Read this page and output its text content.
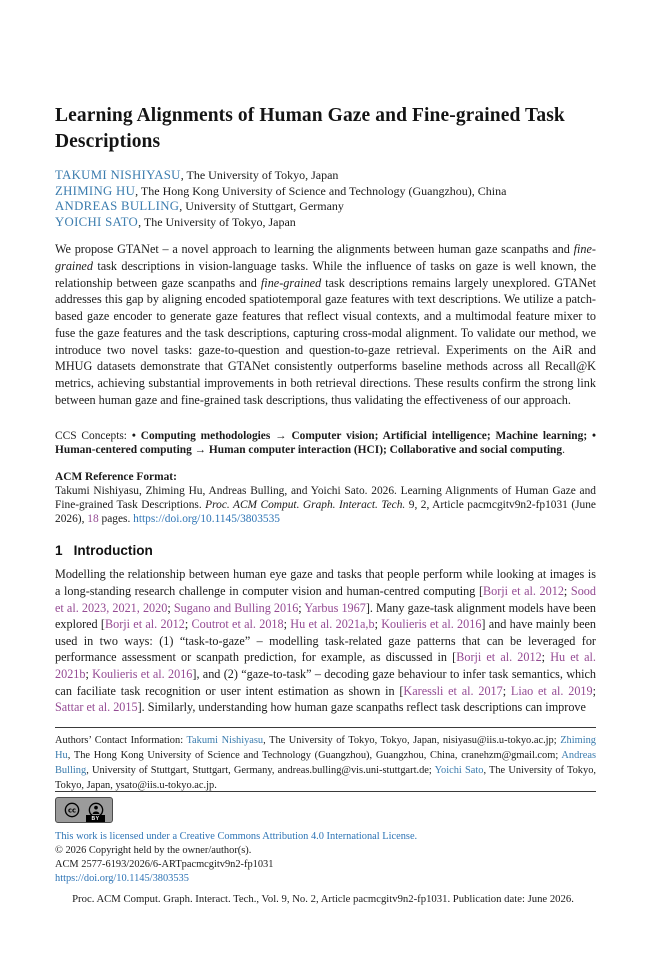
Learning Alignments of Human Gaze and Fine-grained Task Descriptions
TAKUMI NISHIYASU, The University of Tokyo, Japan
ZHIMING HU, The Hong Kong University of Science and Technology (Guangzhou), China
ANDREAS BULLING, University of Stuttgart, Germany
YOICHI SATO, The University of Tokyo, Japan

We propose GTANet – a novel approach to learning the alignments between human gaze scanpaths and fine-grained task descriptions in vision-language tasks. While the influence of tasks on gaze is well known, the relationship between gaze scanpaths and fine-grained task descriptions remains largely unexplored. GTANet addresses this gap by aligning encoded spatiotemporal gaze features with text descriptions. We utilize a patch-based gaze encoder to generate gaze features that reflect visual contexts, and a multimodal feature mixer to fuse the gaze features and the task descriptions, capturing cross-modal alignment. To validate our method, we introduce two novel tasks: gaze-to-question and question-to-gaze retrieval. Experiments on the AiR and MHUG datasets demonstrate that GTANet consistently outperforms baseline methods across all Recall@K metrics, achieving substantial improvements in both retrieval directions. These results confirm the strong link between human gaze and fine-grained task descriptions, thus validating the effectiveness of our approach.

CCS Concepts: • Computing methodologies → Computer vision; Artificial intelligence; Machine learning; • Human-centered computing → Human computer interaction (HCI); Collaborative and social computing.

ACM Reference Format:
Takumi Nishiyasu, Zhiming Hu, Andreas Bulling, and Yoichi Sato. 2026. Learning Alignments of Human Gaze and Fine-grained Task Descriptions. Proc. ACM Comput. Graph. Interact. Tech. 9, 2, Article pacmcgitv9n2-fp1031 (June 2026), 18 pages. https://doi.org/10.1145/3803535
1 Introduction

Modelling the relationship between human eye gaze and tasks that people perform while looking at images is a long-standing research challenge in computer vision and human-centred computing [Borji et al. 2012; Sood et al. 2023, 2021, 2020; Sugano and Bulling 2016; Yarbus 1967]. Many gaze-task alignment models have been explored [Borji et al. 2012; Coutrot et al. 2018; Hu et al. 2021a,b; Koulieris et al. 2016] and have mainly been used in two ways: (1) “task-to-gaze” – modelling task-related gaze patterns that can be leveraged for performance assessment or scanpath prediction, for example, as discussed in [Borji et al. 2012; Hu et al. 2021b; Koulieris et al. 2016], and (2) “gaze-to-task” – decoding gaze behaviour to infer task semantics, which can faciliate task recognition or user intent estimation as shown in [Karessli et al. 2017; Liao et al. 2019; Sattar et al. 2015]. Similarly, understanding how human gaze scanpaths reflect task descriptions can improve

Authors’ Contact Information: Takumi Nishiyasu, The University of Tokyo, Tokyo, Japan, nisiyasu@iis.u-tokyo.ac.jp; Zhiming Hu, The Hong Kong University of Science and Technology (Guangzhou), Guangzhou, China, cranehzm@gmail.com; Andreas Bulling, University of Stuttgart, Stuttgart, Germany, andreas.bulling@vis.uni-stuttgart.de; Yoichi Sato, The University of Tokyo, Tokyo, Japan, ysato@iis.u-tokyo.ac.jp.

cc
BY
This work is licensed under a Creative Commons Attribution 4.0 International License.
© 2026 Copyright held by the owner/author(s).
ACM 2577-6193/2026/6-ARTpacmcgitv9n2-fp1031
https://doi.org/10.1145/3803535
Proc. ACM Comput. Graph. Interact. Tech., Vol. 9, No. 2, Article pacmcgitv9n2-fp1031. Publication date: June 2026.
